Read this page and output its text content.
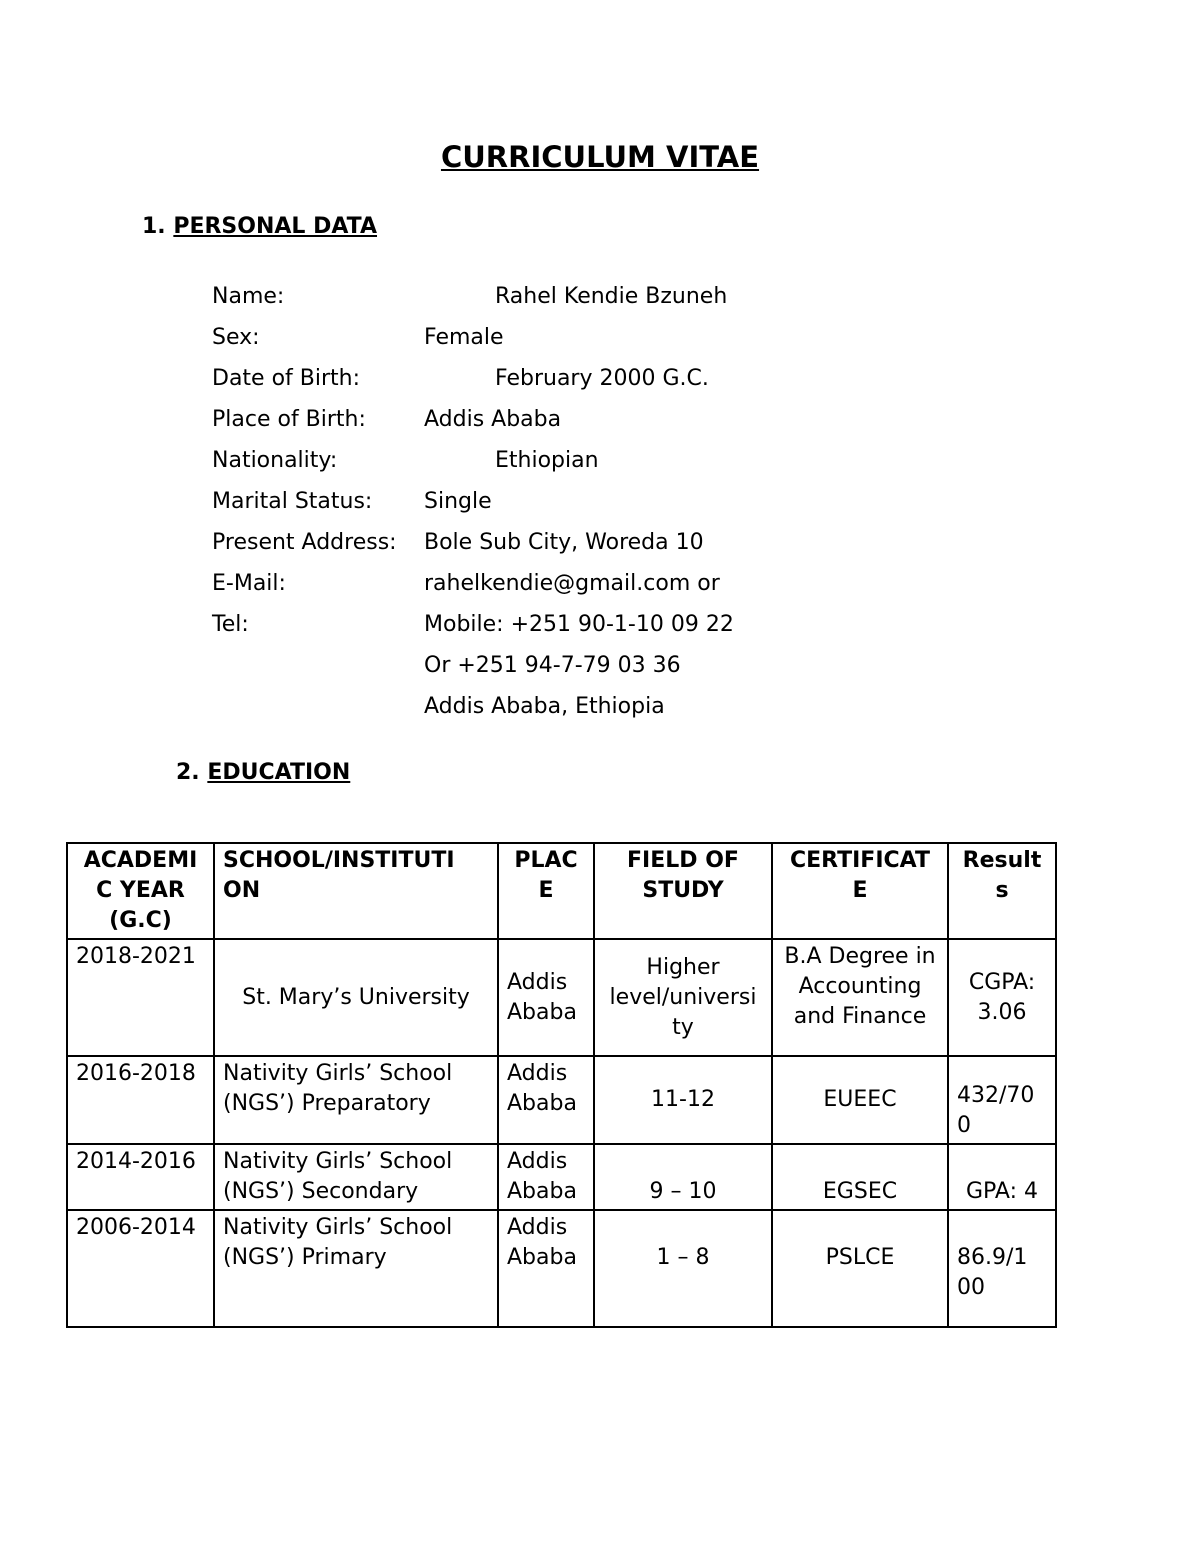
CURRICULUM VITAE
1. PERSONAL DATA
Name:	Rahel Kendie Bzuneh
Sex:	Female
Date of Birth:	February 2000 G.C.
Place of Birth:	Addis Ababa
Nationality:	Ethiopian
Marital Status: Single
Present Address: Bole Sub City, Woreda 10
E-Mail:	rahelkendie@gmail.com or
Tel:	Mobile: +251 90-1-10 09 22
Or +251 94-7-79 03 36
Addis Ababa, Ethiopia
2. EDUCATION
ACADEMI C YEAR (G.C)	SCHOOL/INSTITUTI ON	PLAC E	FIELD OF STUDY	CERTIFICAT E	Result s
2018-2021	St. Mary’s University	Addis Ababa	Higher level/universi ty	B.A Degree in Accounting and Finance	CGPA: 3.06
2016-2018	Nativity Girls’ School (NGS’) Preparatory	Addis Ababa	11-12	EUEEC	432/70 0
2014-2016	Nativity Girls’ School (NGS’) Secondary	Addis Ababa	9 – 10	EGSEC	GPA: 4
2006-2014	Nativity Girls’ School (NGS’) Primary	Addis Ababa	1 – 8	PSLCE	86.9/1 00
